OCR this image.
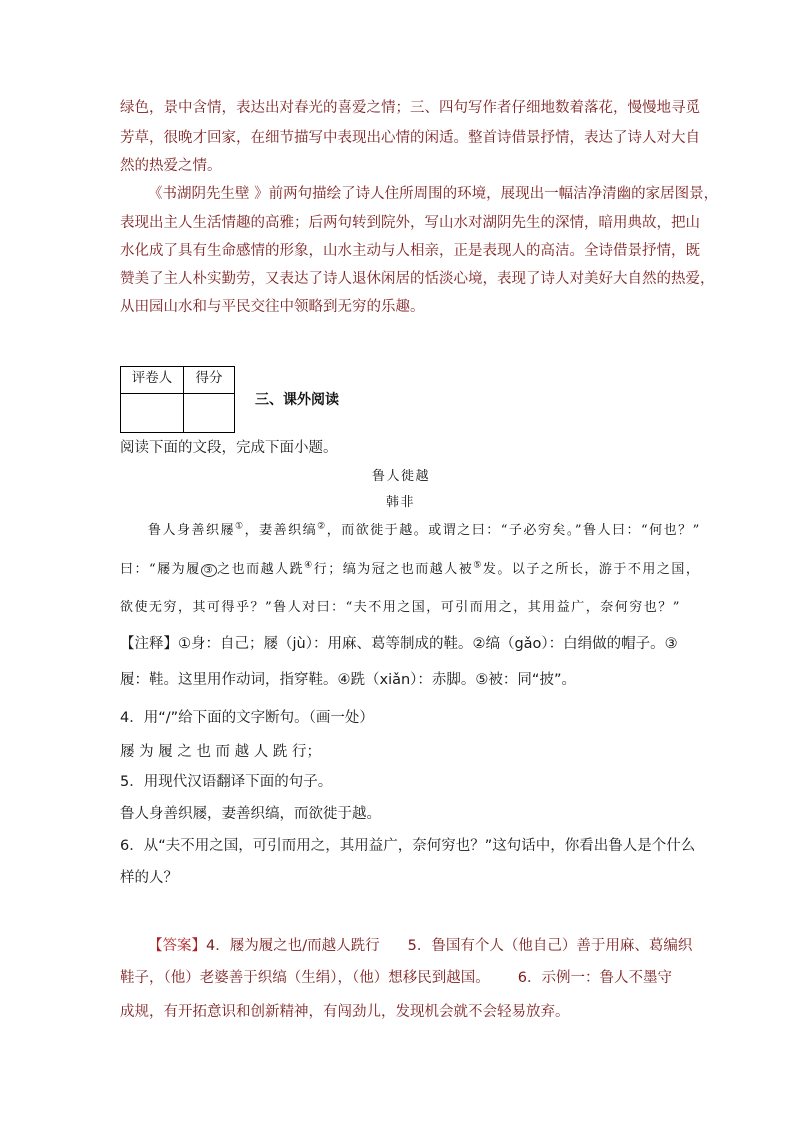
绿色，景中含情，表达出对春光的喜爱之情；三、四句写作者仔细地数着落花，慢慢地寻觅
芳草，很晚才回家，在细节描写中表现出心情的闲适。整首诗借景抒情，表达了诗人对大自
然的热爱之情。
《书湖阴先生壁 》前两句描绘了诗人住所周围的环境，展现出一幅洁净清幽的家居图景，
表现出主人生活情趣的高雅；后两句转到院外，写山水对湖阴先生的深情，暗用典故，把山
水化成了具有生命感情的形象，山水主动与人相亲，正是表现人的高洁。全诗借景抒情，既
赞美了主人朴实勤劳，又表达了诗人退休闲居的恬淡心境，表现了诗人对美好大自然的热爱，
从田园山水和与平民交往中领略到无穷的乐趣。
评卷人	得分

三、课外阅读
阅读下面的文段，完成下面小题。
鲁人徙越
韩非
鲁人身善织屦①，妻善织缟②，而欲徙于越。或谓之曰：“子必穷矣。”鲁人曰：“何也？”
曰：“屦为履 ③ 之也而越人跣④行；缟为冠之也而越人被⑤发。以子之所长，游于不用之国，
欲使无穷，其可得乎？”鲁人对曰：“夫不用之国，可引而用之，其用益广，奈何穷也？”
【注释】①身：自己；屦（jù）：用麻、葛等制成的鞋。②缟（gǎo）：白绢做的帽子。③
履：鞋。这里用作动词，指穿鞋。④跣（xiǎn）：赤脚。⑤被：同“披”。
4．用“/”给下面的文字断句。（画一处）
屦 为 履 之 也 而 越 人 跣 行；
5．用现代汉语翻译下面的句子。
鲁人身善织屦，妻善织缟，而欲徙于越。
6．从“夫不用之国，可引而用之，其用益广，奈何穷也？”这句话中，你看出鲁人是个什么
样的人？
【答案】4．屦为履之也/而越人跣行 5．鲁国有个人（他自己）善于用麻、葛编织
鞋子，（他）老婆善于织缟（生绢），（他）想移民到越国。 6．示例一：鲁人不墨守
成规，有开拓意识和创新精神，有闯劲儿，发现机会就不会轻易放弃。
